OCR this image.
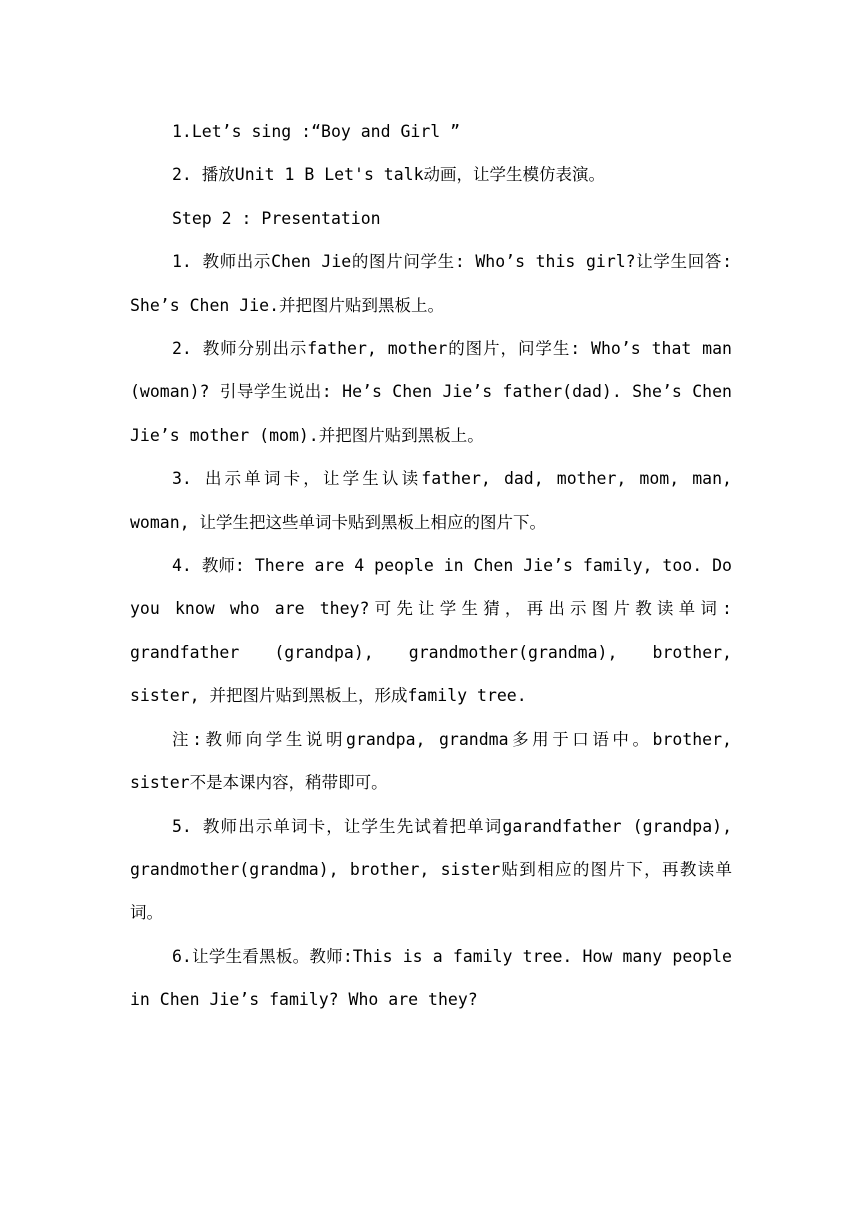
1.Let’s sing :“Boy and Girl ”

2. 播放Unit 1 B Let's talk动画，让学生模仿表演。

Step 2 : Presentation

1. 教师出示Chen Jie的图片问学生: Who’s this girl?让学生回答: She’s Chen Jie.并把图片贴到黑板上。

2. 教师分别出示father, mother的图片，问学生: Who’s that man (woman)? 引导学生说出: He’s Chen Jie’s father(dad). She’s Chen Jie’s mother (mom).并把图片贴到黑板上。

3. 出示单词卡，让学生认读father, dad, mother, mom, man, woman, 让学生把这些单词卡贴到黑板上相应的图片下。

4. 教师: There are 4 people in Chen Jie’s family, too. Do you know who are they?可先让学生猜，再出示图片教读单词: grandfather (grandpa), grandmother(grandma), brother, sister, 并把图片贴到黑板上，形成family tree.

注:教师向学生说明grandpa, grandma多用于口语中。brother, sister不是本课内容，稍带即可。

5. 教师出示单词卡，让学生先试着把单词garandfather (grandpa), grandmother(grandma), brother, sister贴到相应的图片下，再教读单词。

6.让学生看黑板。教师:This is a family tree. How many people in Chen Jie’s family? Who are they?
